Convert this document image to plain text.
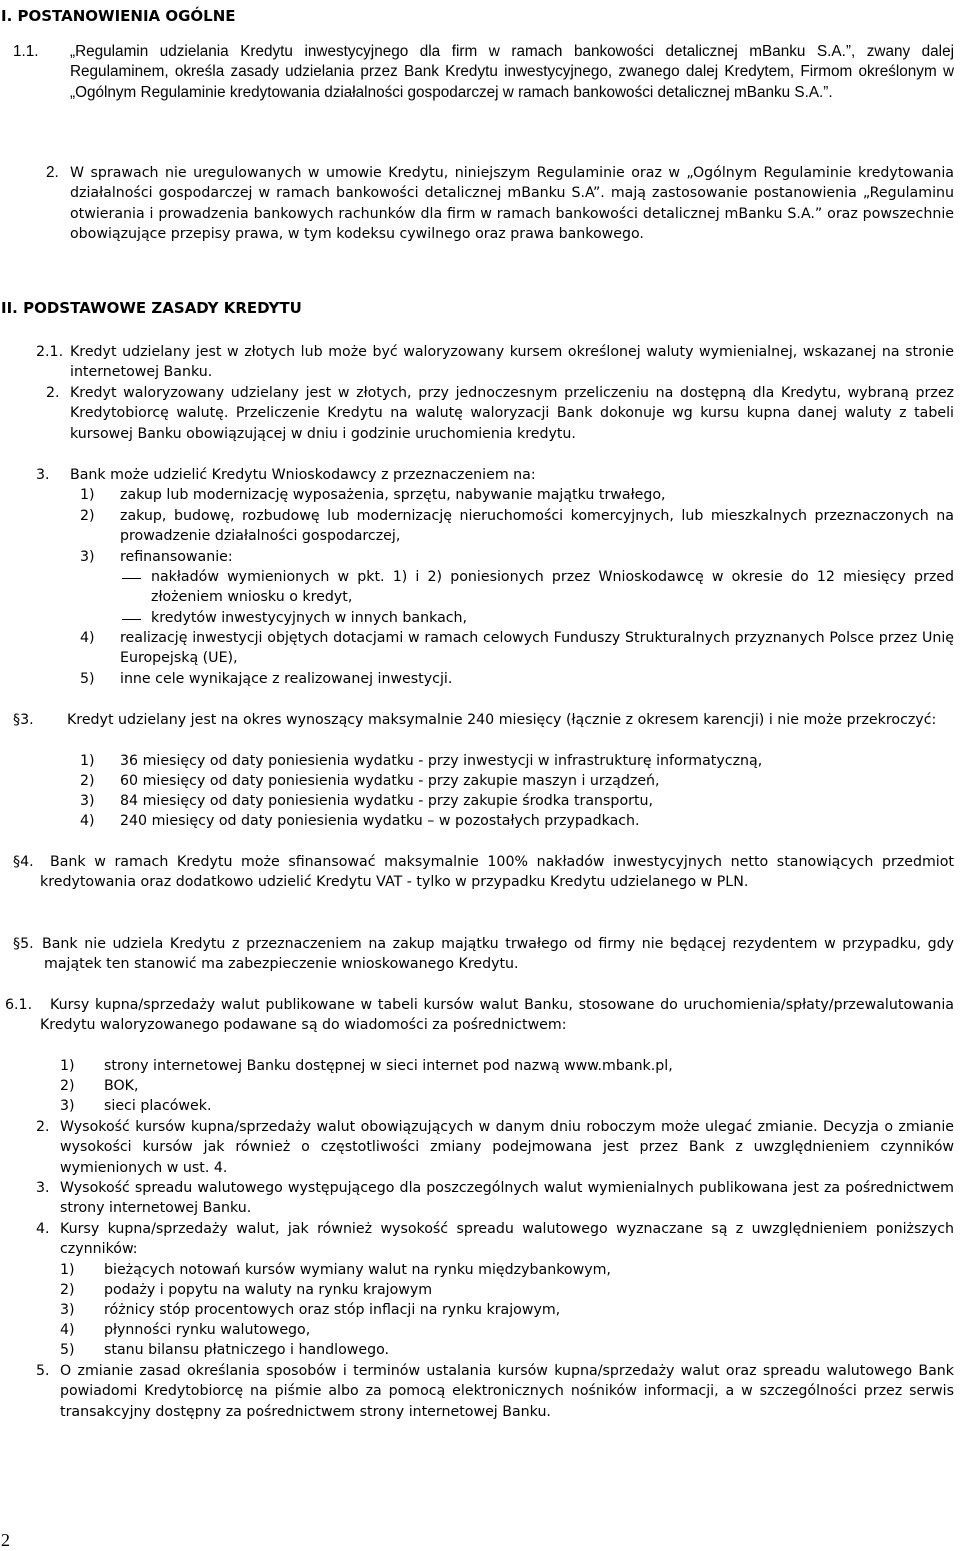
I. POSTANOWIENIA OGÓLNE
1.1. „Regulamin udzielania Kredytu inwestycyjnego dla firm w ramach bankowości detalicznej mBanku S.A.”, zwany dalej Regulaminem, określa zasady udzielania przez Bank Kredytu inwestycyjnego, zwanego dalej Kredytem, Firmom określonym w „Ogólnym Regulaminie kredytowania działalności gospodarczej w ramach bankowości detalicznej mBanku S.A.”.

2. W sprawach nie uregulowanych w umowie Kredytu, niniejszym Regulaminie oraz w „Ogólnym Regulaminie kredytowania działalności gospodarczej w ramach bankowości detalicznej mBanku S.A”. mają zastosowanie postanowienia „Regulaminu otwierania i prowadzenia bankowych rachunków dla firm w ramach bankowości detalicznej mBanku S.A.” oraz powszechnie obowiązujące przepisy prawa, w tym kodeksu cywilnego oraz prawa bankowego.

II. PODSTAWOWE ZASADY KREDYTU
2.1. Kredyt udzielany jest w złotych lub może być waloryzowany kursem określonej waluty wymienialnej, wskazanej na stronie internetowej Banku.

2. Kredyt waloryzowany udzielany jest w złotych, przy jednoczesnym przeliczeniu na dostępną dla Kredytu, wybraną przez Kredytobiorcę walutę. Przeliczenie Kredytu na walutę waloryzacji Bank dokonuje wg kursu kupna danej waluty z tabeli kursowej Banku obowiązującej w dniu i godzinie uruchomienia kredytu.

3. Bank może udzielić Kredytu Wnioskodawcy z przeznaczeniem na:

1) zakup lub modernizację wyposażenia, sprzętu, nabywanie majątku trwałego,

2) zakup, budowę, rozbudowę lub modernizację nieruchomości komercyjnych, lub mieszkalnych przeznaczonych na prowadzenie działalności gospodarczej,

3) refinansowanie:

nakładów wymienionych w pkt. 1) i 2) poniesionych przez Wnioskodawcę w okresie do 12 miesięcy przed złożeniem wniosku o kredyt,

kredytów inwestycyjnych w innych bankach,

4) realizację inwestycji objętych dotacjami w ramach celowych Funduszy Strukturalnych przyznanych Polsce przez Unię Europejską (UE),

5) inne cele wynikające z realizowanej inwestycji.

§3.	Kredyt udzielany jest na okres wynoszący maksymalnie 240 miesięcy (łącznie z okresem karencji) i nie może przekroczyć:

1) 36 miesięcy od daty poniesienia wydatku - przy inwestycji w infrastrukturę informatyczną,

2) 60 miesięcy od daty poniesienia wydatku - przy zakupie maszyn i urządzeń,

3) 84 miesięcy od daty poniesienia wydatku - przy zakupie środka transportu,

4) 240 miesięcy od daty poniesienia wydatku – w pozostałych przypadkach.

§4.	Bank w ramach Kredytu może sfinansować maksymalnie 100% nakładów inwestycyjnych netto stanowiących przedmiot kredytowania oraz dodatkowo udzielić Kredytu VAT - tylko w przypadku Kredytu udzielanego w PLN.

§5. Bank nie udziela Kredytu z przeznaczeniem na zakup majątku trwałego od firmy nie będącej rezydentem w przypadku, gdy majątek ten stanowić ma zabezpieczenie wnioskowanego Kredytu.

6.1.	Kursy kupna/sprzedaży walut publikowane w tabeli kursów walut Banku, stosowane do uruchomienia/spłaty/przewalutowania Kredytu waloryzowanego podawane są do wiadomości za pośrednictwem:

1) strony internetowej Banku dostępnej w sieci internet pod nazwą www.mbank.pl,

2) BOK,

3) sieci placówek.

2. Wysokość kursów kupna/sprzedaży walut obowiązujących w danym dniu roboczym może ulegać zmianie. Decyzja o zmianie wysokości kursów jak również o częstotliwości zmiany podejmowana jest przez Bank z uwzględnieniem czynników wymienionych w ust. 4.

3. Wysokość spreadu walutowego występującego dla poszczególnych walut wymienialnych publikowana jest za pośrednictwem strony internetowej Banku.

4. Kursy kupna/sprzedaży walut, jak również wysokość spreadu walutowego wyznaczane są z uwzględnieniem poniższych czynników:

1) bieżących notowań kursów wymiany walut na rynku międzybankowym,

2) podaży i popytu na waluty na rynku krajowym

3) różnicy stóp procentowych oraz stóp inflacji na rynku krajowym,

4) płynności rynku walutowego,

5) stanu bilansu płatniczego i handlowego.

5. O zmianie zasad określania sposobów i terminów ustalania kursów kupna/sprzedaży walut oraz spreadu walutowego Bank powiadomi Kredytobiorcę na piśmie albo za pomocą elektronicznych nośników informacji, a w szczególności przez serwis transakcyjny dostępny za pośrednictwem strony internetowej Banku.

2
